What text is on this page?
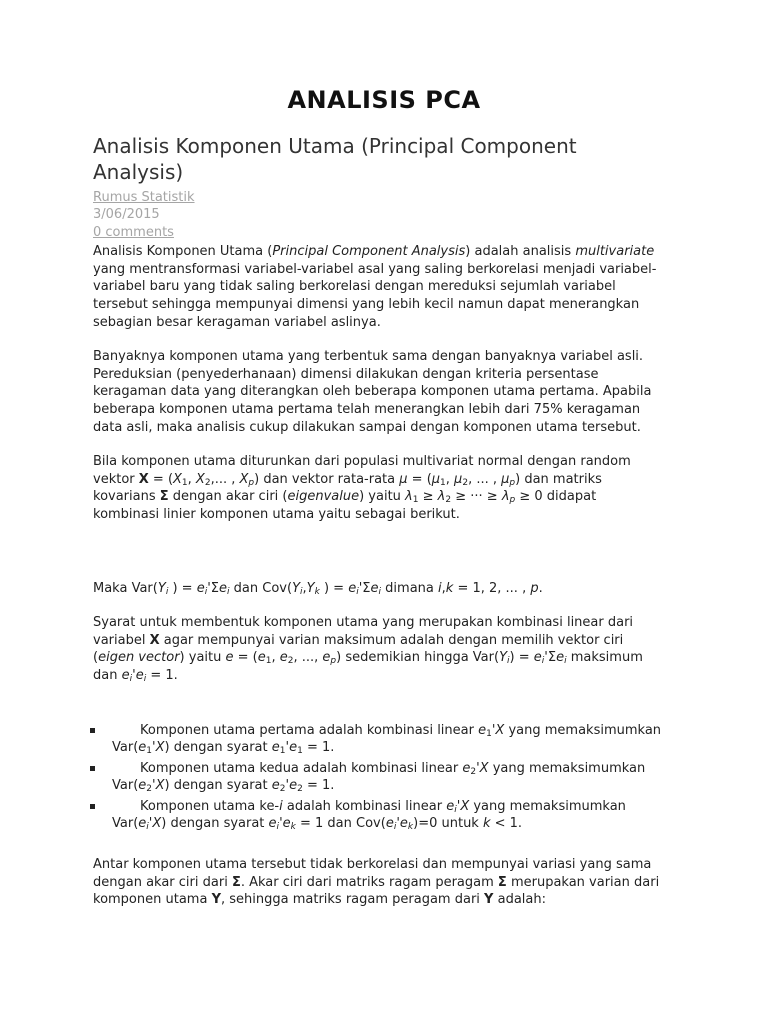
ANALISIS PCA
Analisis Komponen Utama (Principal Component Analysis)
Rumus Statistik
3/06/2015
0 comments

Analisis Komponen Utama (Principal Component Analysis) adalah analisis multivariate yang mentransformasi variabel-variabel asal yang saling berkorelasi menjadi variabel-variabel baru yang tidak saling berkorelasi dengan mereduksi sejumlah variabel tersebut sehingga mempunyai dimensi yang lebih kecil namun dapat menerangkan sebagian besar keragaman variabel aslinya.

Banyaknya komponen utama yang terbentuk sama dengan banyaknya variabel asli. Pereduksian (penyederhanaan) dimensi dilakukan dengan kriteria persentase keragaman data yang diterangkan oleh beberapa komponen utama pertama. Apabila beberapa komponen utama pertama telah menerangkan lebih dari 75% keragaman data asli, maka analisis cukup dilakukan sampai dengan komponen utama tersebut.

Bila komponen utama diturunkan dari populasi multivariat normal dengan random vektor $X = (X_1$, $X_2$,... , $X_p$) dan vektor rata-rata $\mu = (\mu_1$, $\mu_2$, ... , $\mu_p$) dan matriks kovarians Σ dengan akar ciri (eigenvalue) yaitu $\lambda_1 \ge \lambda_2$ ≥ ··· ≥ $\lambda_p \ge 0$ didapat kombinasi linier komponen utama yaitu sebagai berikut.

Maka $Var(Y_i$ ) = $e_i'\Sigma e_i$ dan $Cov(Y_i,Y_k$ ) = $e_i'\Sigma e_i$ dimana i,k = 1, 2, ... , p.

Syarat untuk membentuk komponen utama yang merupakan kombinasi linear dari variabel X agar mempunyai varian maksimum adalah dengan memilih vektor ciri (eigen vector) yaitu $e = (e_1$, $e_2$, ..., $e_p$) sedemikian hingga $Var(Y_i) = e_i'\Sigma e_i$ maksimum dan $e_i'e_i = 1$.

Komponen utama pertama adalah kombinasi linear $e_1'X$ yang memaksimumkan $Var(e_1'X)$ dengan syarat $e_1'e_1 = 1$.
Komponen utama kedua adalah kombinasi linear $e_2'X$ yang memaksimumkan $Var(e_2'X)$ dengan syarat $e_2'e_2 = 1$.
Komponen utama ke-i adalah kombinasi linear $e_i'X$ yang memaksimumkan $Var(e_i'X)$ dengan syarat $e_i'e_k = 1$ dan $Cov(e_i'e_k)=0$ untuk k < 1.

Antar komponen utama tersebut tidak berkorelasi dan mempunyai variasi yang sama dengan akar ciri dari Σ. Akar ciri dari matriks ragam peragam Σ merupakan varian dari komponen utama Y, sehingga matriks ragam peragam dari Y adalah:
